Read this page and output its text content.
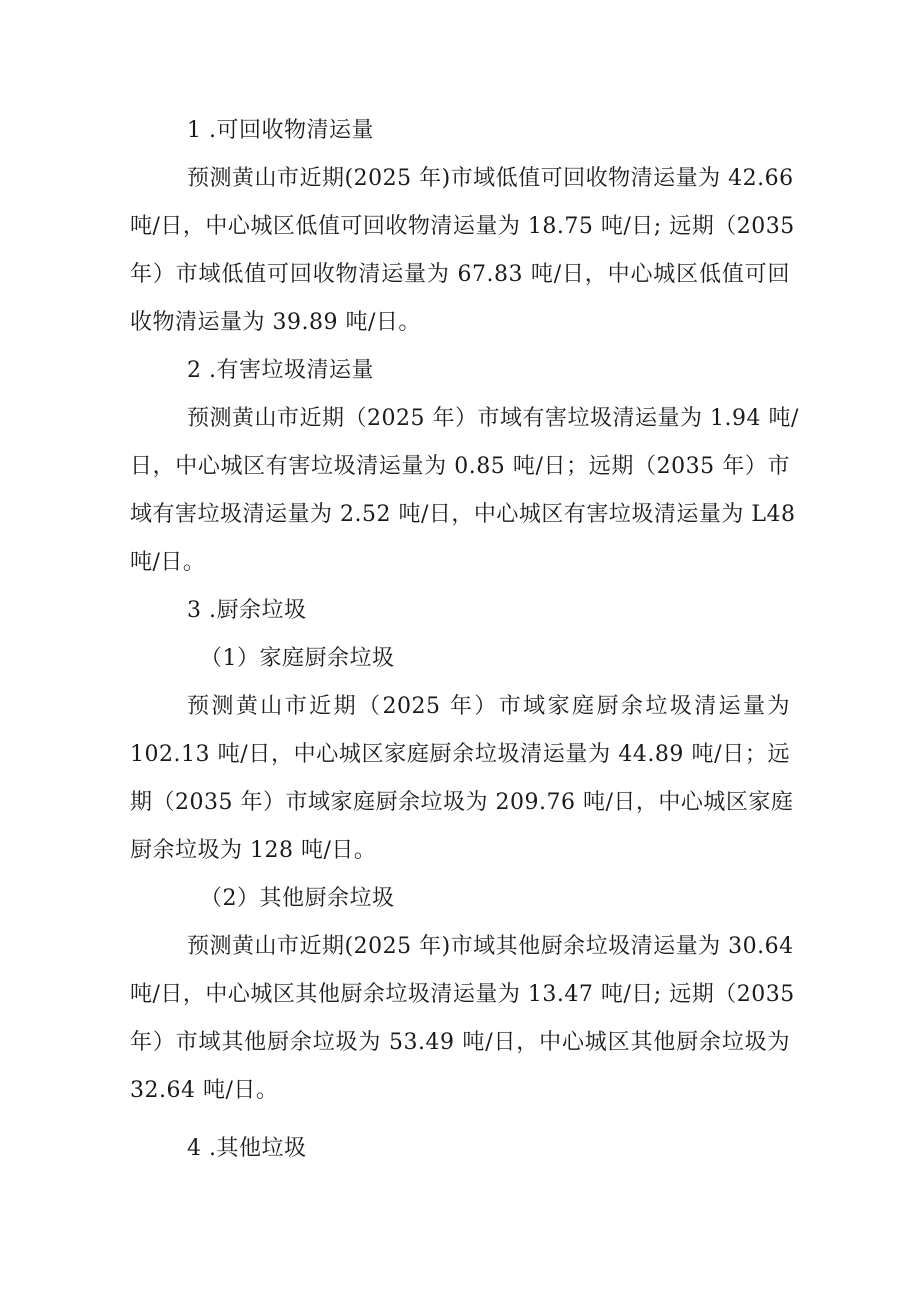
1 .可回收物清运量
预测黄山市近期(2025 年)市域低值可回收物清运量为 42.66
吨/日，中心城区低值可回收物清运量为 18.75 吨/日; 远期（2035
年）市域低值可回收物清运量为 67.83 吨/日，中心城区低值可回
收物清运量为 39.89 吨/日。
2 .有害垃圾清运量
预测黄山市近期（2025 年）市域有害垃圾清运量为 1.94 吨/
日，中心城区有害垃圾清运量为 0.85 吨/日；远期（2035 年）市
域有害垃圾清运量为 2.52 吨/日，中心城区有害垃圾清运量为 L48
吨/日。
3 .厨余垃圾
（1）家庭厨余垃圾
预测黄山市近期（2025 年）市域家庭厨余垃圾清运量为
102.13 吨/日，中心城区家庭厨余垃圾清运量为 44.89 吨/日；远
期（2035 年）市域家庭厨余垃圾为 209.76 吨/日，中心城区家庭
厨余垃圾为 128 吨/日。
（2）其他厨余垃圾
预测黄山市近期(2025 年)市域其他厨余垃圾清运量为 30.64
吨/日，中心城区其他厨余垃圾清运量为 13.47 吨/日; 远期（2035
年）市域其他厨余垃圾为 53.49 吨/日，中心城区其他厨余垃圾为
32.64 吨/日。
4 .其他垃圾
